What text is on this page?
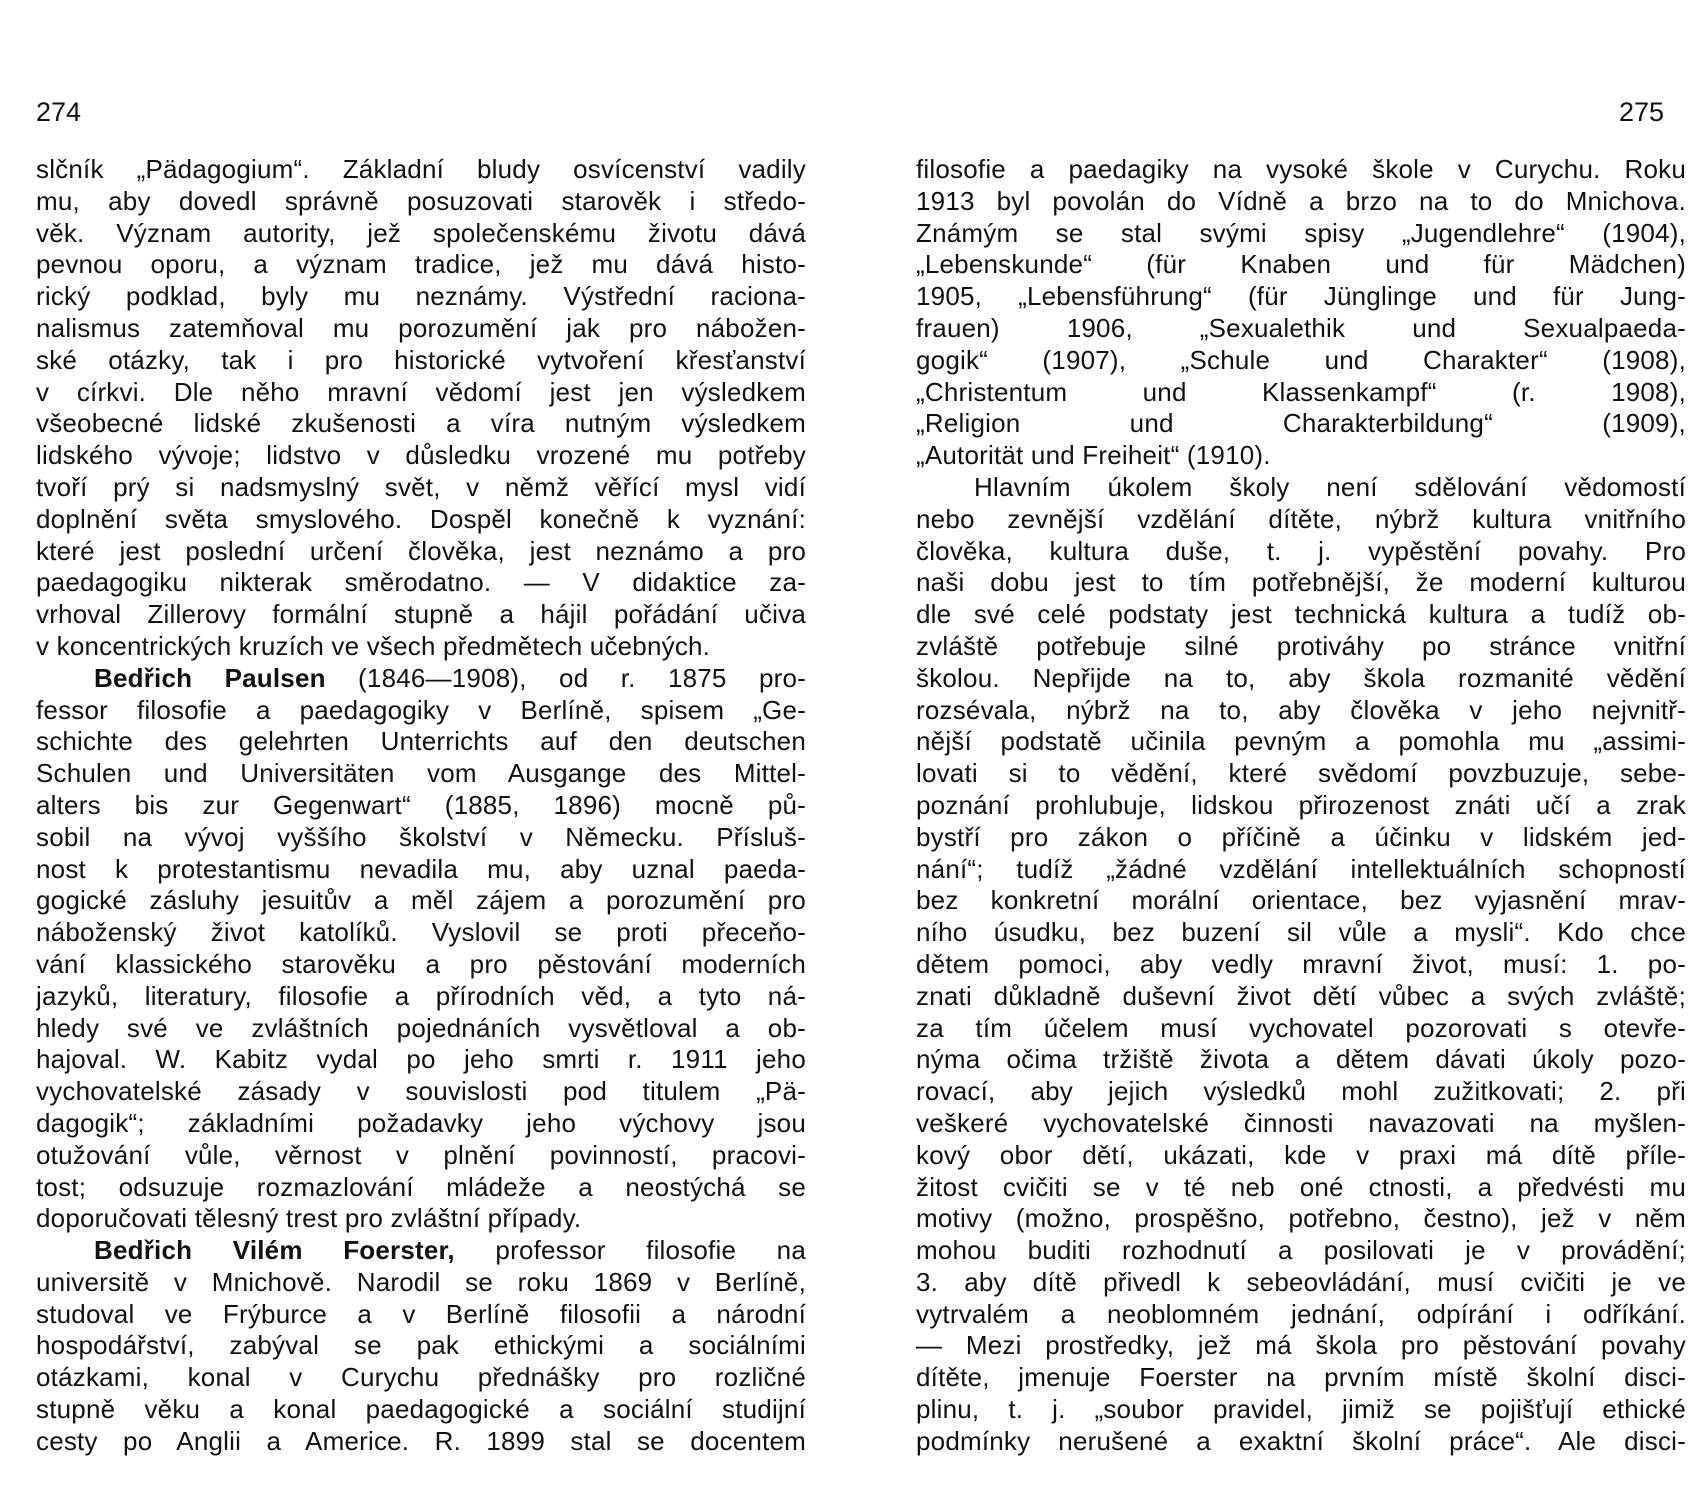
274
slčník „Pädagogium“. Základní bludy osvícenství vadily
mu, aby dovedl správně posuzovati starověk i středo-
věk. Význam autority, jež společenskému životu dává
pevnou oporu, a význam tradice, jež mu dává histo-
rický podklad, byly mu neznámy. Výstřední raciona-
nalismus zatemňoval mu porozumění jak pro nábožen-
ské otázky, tak i pro historické vytvoření křesťanství
v církvi. Dle něho mravní vědomí jest jen výsledkem
všeobecné lidské zkušenosti a víra nutným výsledkem
lidského vývoje; lidstvo v důsledku vrozené mu potřeby
tvoří prý si nadsmyslný svět, v němž věřící mysl vidí
doplnění světa smyslového. Dospěl konečně k vyznání:
které jest poslední určení člověka, jest neznámo a pro
paedagogiku nikterak směrodatno. — V didaktice za-
vrhoval Zillerovy formální stupně a hájil pořádání učiva
v koncentrických kruzích ve všech předmětech učebných.
Bedřich Paulsen (1846—1908), od r. 1875 pro-
fessor filosofie a paedagogiky v Berlíně, spisem „Ge-
schichte des gelehrten Unterrichts auf den deutschen
Schulen und Universitäten vom Ausgange des Mittel-
alters bis zur Gegenwart“ (1885, 1896) mocně pů-
sobil na vývoj vyššího školství v Německu. Přísluš-
nost k protestantismu nevadila mu, aby uznal paeda-
gogické zásluhy jesuitův a měl zájem a porozumění pro
náboženský život katolíků. Vyslovil se proti přeceňo-
vání klassického starověku a pro pěstování moderních
jazyků, literatury, filosofie a přírodních věd, a tyto ná-
hledy své ve zvláštních pojednáních vysvětloval a ob-
hajoval. W. Kabitz vydal po jeho smrti r. 1911 jeho
vychovatelské zásady v souvislosti pod titulem „Pä-
dagogik“; základními požadavky jeho výchovy jsou
otužování vůle, věrnost v plnění povinností, pracovi-
tost; odsuzuje rozmazlování mládeže a neostýchá se
doporučovati tělesný trest pro zvláštní případy.
Bedřich Vilém Foerster, professor filosofie na
universitě v Mnichově. Narodil se roku 1869 v Berlíně,
studoval ve Frýburce a v Berlíně filosofii a národní
hospodářství, zabýval se pak ethickými a sociálními
otázkami, konal v Curychu přednášky pro rozličné
stupně věku a konal paedagogické a sociální studijní
cesty po Anglii a Americe. R. 1899 stal se docentem
275
filosofie a paedagiky na vysoké škole v Curychu. Roku
1913 byl povolán do Vídně a brzo na to do Mnichova.
Známým se stal svými spisy „Jugendlehre“ (1904),
„Lebenskunde“ (für Knaben und für Mädchen)
1905, „Lebensführung“ (für Jünglinge und für Jung-
frauen) 1906, „Sexualethik und Sexualpaeda-
gogik“ (1907), „Schule und Charakter“ (1908),
„Christentum und Klassenkampf“ (r. 1908),
„Religion und Charakterbildung“ (1909),
„Autorität und Freiheit“ (1910).
Hlavním úkolem školy není sdělování vědomostí
nebo zevnější vzdělání dítěte, nýbrž kultura vnitřního
člověka, kultura duše, t. j. vypěstění povahy. Pro
naši dobu jest to tím potřebnější, že moderní kulturou
dle své celé podstaty jest technická kultura a tudíž ob-
zvláště potřebuje silné protiváhy po stránce vnitřní
školou. Nepřijde na to, aby škola rozmanité vědění
rozsévala, nýbrž na to, aby člověka v jeho nejvnitř-
nější podstatě učinila pevným a pomohla mu „assimi-
lovati si to vědění, které svědomí povzbuzuje, sebe-
poznání prohlubuje, lidskou přirozenost znáti učí a zrak
bystří pro zákon o příčině a účinku v lidském jed-
nání“; tudíž „žádné vzdělání intellektuálních schopností
bez konkretní morální orientace, bez vyjasnění mrav-
ního úsudku, bez buzení sil vůle a mysli“. Kdo chce
dětem pomoci, aby vedly mravní život, musí: 1. po-
znati důkladně duševní život dětí vůbec a svých zvláště;
za tím účelem musí vychovatel pozorovati s otevře-
nýma očima tržiště života a dětem dávati úkoly pozo-
rovací, aby jejich výsledků mohl zužitkovati; 2. při
veškeré vychovatelské činnosti navazovati na myšlen-
kový obor dětí, ukázati, kde v praxi má dítě příle-
žitost cvičiti se v té neb oné ctnosti, a předvésti mu
motivy (možno, prospěšno, potřebno, čestno), jež v něm
mohou buditi rozhodnutí a posilovati je v provádění;
3. aby dítě přivedl k sebeovládání, musí cvičiti je ve
vytrvalém a neoblomném jednání, odpírání i odříkání.
— Mezi prostředky, jež má škola pro pěstování povahy
dítěte, jmenuje Foerster na prvním místě školní disci-
plinu, t. j. „soubor pravidel, jimiž se pojišťují ethické
podmínky nerušené a exaktní školní práce“. Ale disci-
